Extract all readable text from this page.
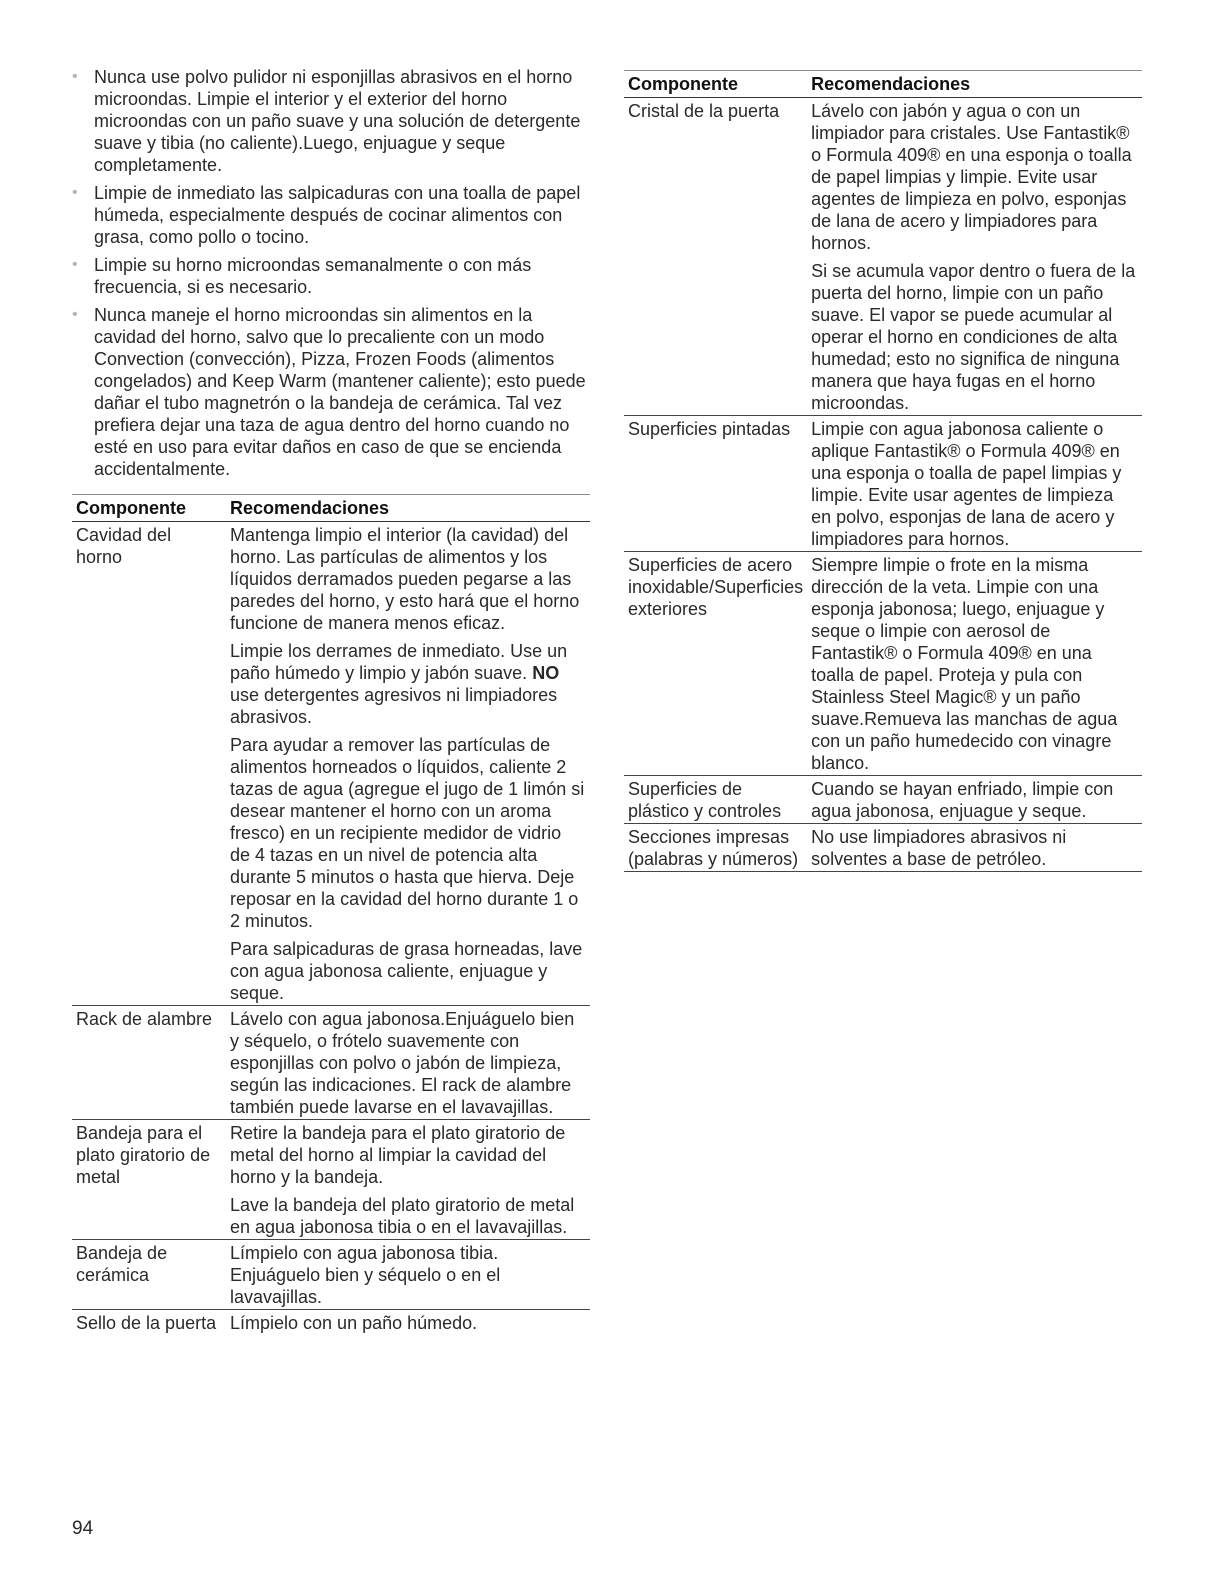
• Nunca use polvo pulidor ni esponjillas abrasivos en el horno microondas. Limpie el interior y el exterior del horno microondas con un paño suave y una solución de detergente suave y tibia (no caliente).Luego, enjuague y seque completamente.
• Limpie de inmediato las salpicaduras con una toalla de papel húmeda, especialmente después de cocinar alimentos con grasa, como pollo o tocino.
• Limpie su horno microondas semanalmente o con más frecuencia, si es necesario.
• Nunca maneje el horno microondas sin alimentos en la cavidad del horno, salvo que lo precaliente con un modo Convection (convección), Pizza, Frozen Foods (alimentos congelados) and Keep Warm (mantener caliente); esto puede dañar el tubo magnetrón o la bandeja de cerámica. Tal vez prefiera dejar una taza de agua dentro del horno cuando no esté en uso para evitar daños en caso de que se encienda accidentalmente.
Componente	Recomendaciones
Cavidad del horno	Mantenga limpio el interior (la cavidad) del horno. Las partículas de alimentos y los líquidos derramados pueden pegarse a las paredes del horno, y esto hará que el horno funcione de manera menos eficaz.

Limpie los derrames de inmediato. Use un paño húmedo y limpio y jabón suave. NO use detergentes agresivos ni limpiadores abrasivos.

Para ayudar a remover las partículas de alimentos horneados o líquidos, caliente 2 tazas de agua (agregue el jugo de 1 limón si desear mantener el horno con un aroma fresco) en un recipiente medidor de vidrio de 4 tazas en un nivel de potencia alta durante 5 minutos o hasta que hierva. Deje reposar en la cavidad del horno durante 1 o 2 minutos.

Para salpicaduras de grasa horneadas, lave con agua jabonosa caliente, enjuague y seque.

Rack de alambre	Lávelo con agua jabonosa.Enjuáguelo bien y séquelo, o frótelo suavemente con esponjillas con polvo o jabón de limpieza, según las indicaciones. El rack de alambre también puede lavarse en el lavavajillas.

Bandeja para el plato giratorio de metal	Retire la bandeja para el plato giratorio de metal del horno al limpiar la cavidad del horno y la bandeja.

Lave la bandeja del plato giratorio de metal en agua jabonosa tibia o en el lavavajillas.

Bandeja de cerámica	Límpielo con agua jabonosa tibia. Enjuáguelo bien y séquelo o en el lavavajillas.

Sello de la puerta	Límpielo con un paño húmedo.

Componente	Recomendaciones
Cristal de la puerta	Lávelo con jabón y agua o con un limpiador para cristales. Use Fantastik® o Formula 409® en una esponja o toalla de papel limpias y limpie. Evite usar agentes de limpieza en polvo, esponjas de lana de acero y limpiadores para hornos.

Si se acumula vapor dentro o fuera de la puerta del horno, limpie con un paño suave. El vapor se puede acumular al operar el horno en condiciones de alta humedad; esto no significa de ninguna manera que haya fugas en el horno microondas.

Superficies pintadas	Limpie con agua jabonosa caliente o aplique Fantastik® o Formula 409® en una esponja o toalla de papel limpias y limpie. Evite usar agentes de limpieza en polvo, esponjas de lana de acero y limpiadores para hornos.

Superficies de acero inoxidable/Superficies exteriores	Siempre limpie o frote en la misma dirección de la veta. Limpie con una esponja jabonosa; luego, enjuague y seque o limpie con aerosol de Fantastik® o Formula 409® en una toalla de papel. Proteja y pula con Stainless Steel Magic® y un paño suave.Remueva las manchas de agua con un paño humedecido con vinagre blanco.

Superficies de plástico y controles	Cuando se hayan enfriado, limpie con agua jabonosa, enjuague y seque.

Secciones impresas (palabras y números)	No use limpiadores abrasivos ni solventes a base de petróleo.

94
